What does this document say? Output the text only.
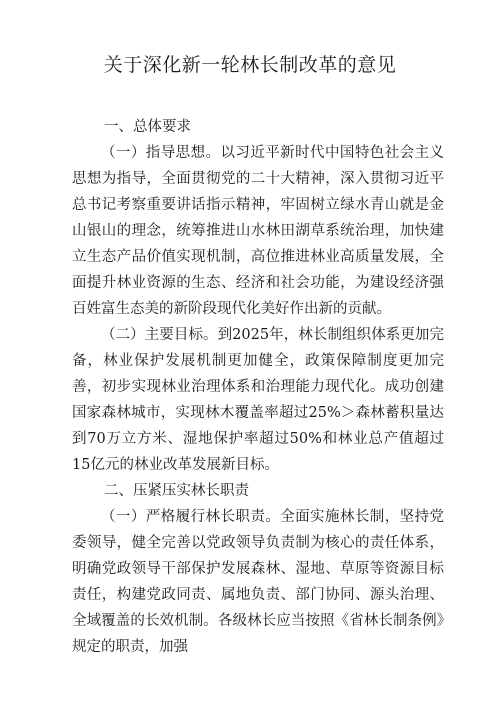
关于深化新一轮林长制改革的意见
一、总体要求

（一）指导思想。以习近平新时代中国特色社会主义思想为指导，全面贯彻党的二十大精神，深入贯彻习近平总书记考察重要讲话指示精神，牢固树立绿水青山就是金山银山的理念，统筹推进山水林田湖草系统治理，加快建立生态产品价值实现机制，高位推进林业高质量发展，全面提升林业资源的生态、经济和社会功能，为建设经济强百姓富生态美的新阶段现代化美好作出新的贡献。

（二）主要目标。到2025年，林长制组织体系更加完备，林业保护发展机制更加健全，政策保障制度更加完善，初步实现林业治理体系和治理能力现代化。成功创建国家森林城市，实现林木覆盖率超过25%＞森林蓄积量达到70万立方米、湿地保护率超过50%和林业总产值超过15亿元的林业改革发展新目标。

二、压紧压实林长职责

（一）严格履行林长职责。全面实施林长制，坚持党委领导，健全完善以党政领导负责制为核心的责任体系，明确党政领导干部保护发展森林、湿地、草原等资源目标责任，构建党政同责、属地负责、部门协同、源头治理、全域覆盖的长效机制。各级林长应当按照《省林长制条例》规定的职责，加强
